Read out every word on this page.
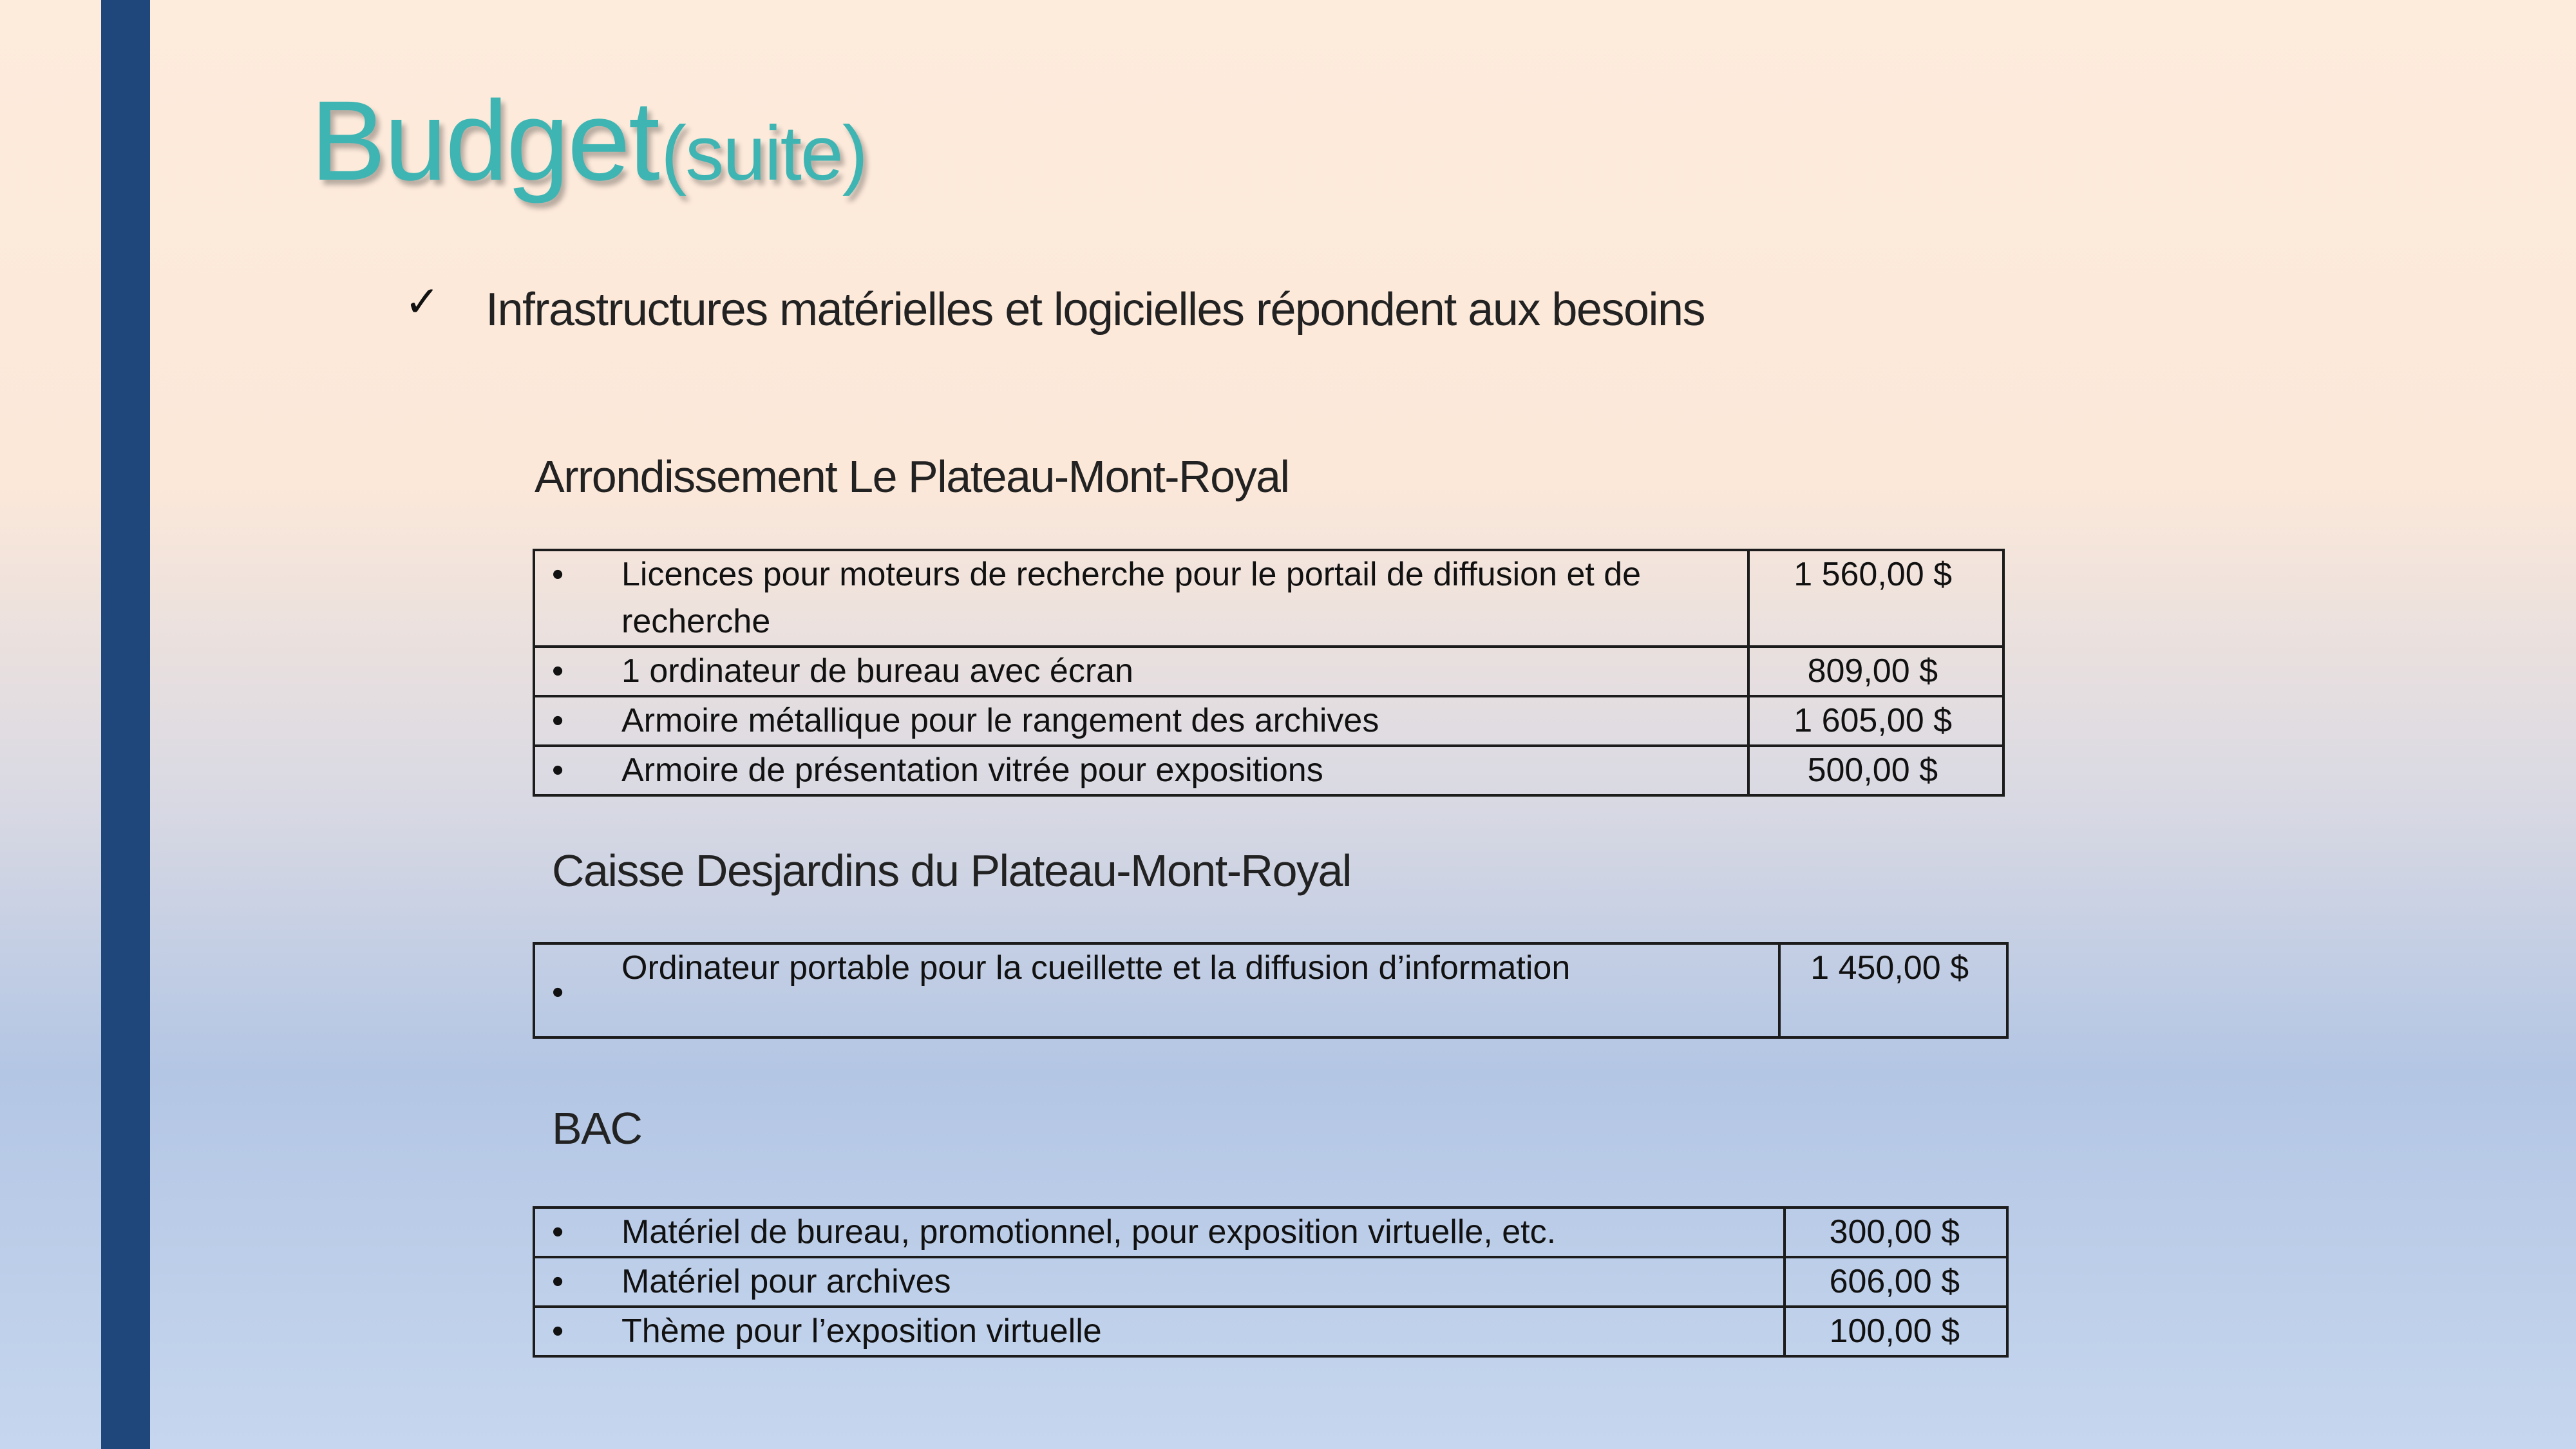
Budget (suite)
✓ Infrastructures matérielles et logicielles répondent aux besoins
Arrondissement Le Plateau-Mont-Royal
• Licences pour moteurs de recherche pour le portail de diffusion et de recherche	1 560,00 $

• 1 ordinateur de bureau avec écran	809,00 $

• Armoire métallique pour le rangement des archives	1 605,00 $

• Armoire de présentation vitrée pour expositions	500,00 $
Caisse Desjardins du Plateau-Mont-Royal
•
Ordinateur portable pour la cueillette et la diffusion d’information	1 450,00 $
BAC
• Matériel de bureau, promotionnel, pour exposition virtuelle, etc.	300,00 $

• Matériel pour archives	606,00 $

• Thème pour l’exposition virtuelle	100,00 $
